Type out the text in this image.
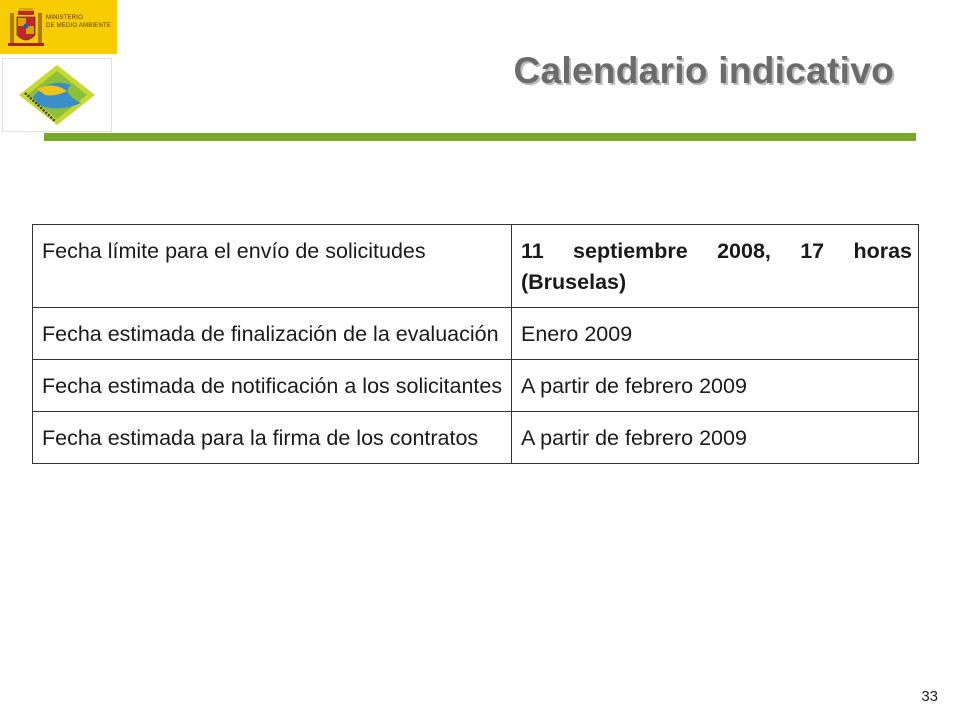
MINISTERIO
DE MEDIO AMBIENTE
Calendario indicativo
Fecha límite para el envío de solicitudes	11 septiembre 2008, 17 horas (Bruselas)
Fecha estimada de finalización de la evaluación	Enero 2009
Fecha estimada de notificación a los solicitantes	A partir de febrero 2009
Fecha estimada para la firma de los contratos	A partir de febrero 2009
33
